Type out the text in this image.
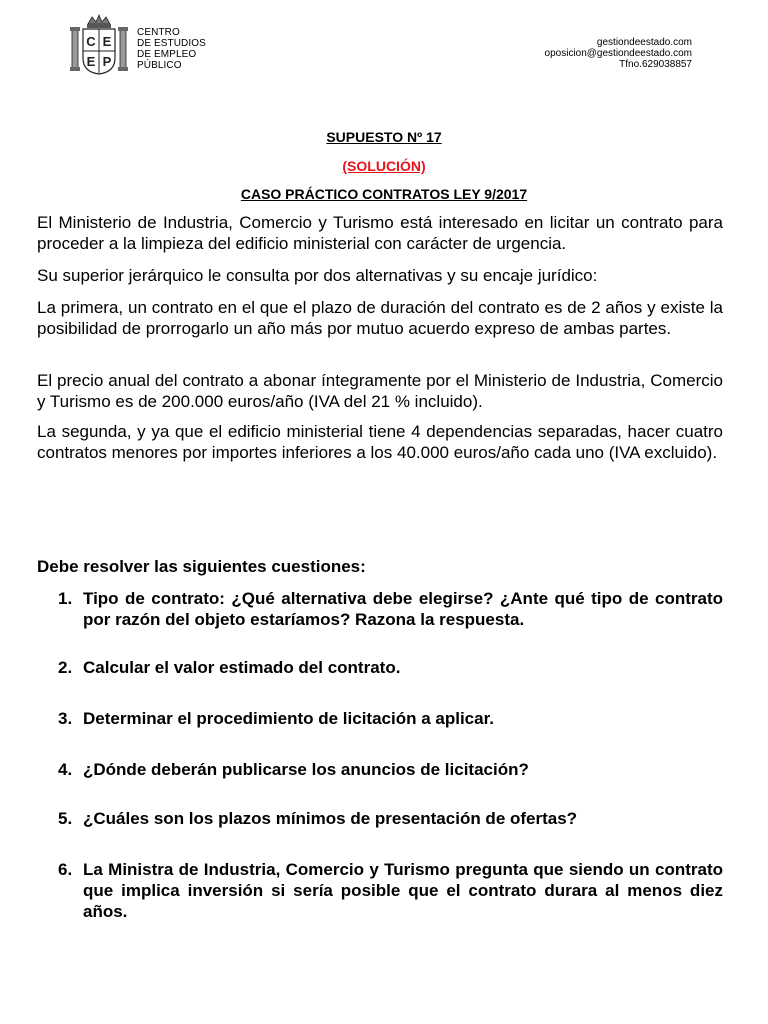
C E
E P
CENTRO
DE ESTUDIOS
DE EMPLEO
PÚBLICO
gestiondeestado.com
oposicion@gestiondeestado.com
Tfno.629038857
SUPUESTO Nº 17
(SOLUCIÓN)
CASO PRÁCTICO CONTRATOS LEY 9/2017
El Ministerio de Industria, Comercio y Turismo está interesado en licitar un contrato para proceder a la limpieza del edificio ministerial con carácter de urgencia.
Su superior jerárquico le consulta por dos alternativas y su encaje jurídico:
La primera, un contrato en el que el plazo de duración del contrato es de 2 años y existe la posibilidad de prorrogarlo un año más por mutuo acuerdo expreso de ambas partes.
El precio anual del contrato a abonar íntegramente por el Ministerio de Industria, Comercio y Turismo es de 200.000 euros/año (IVA del 21 % incluido).
La segunda, y ya que el edificio ministerial tiene 4 dependencias separadas, hacer cuatro contratos menores por importes inferiores a los 40.000 euros/año cada uno (IVA excluido).
Debe resolver las siguientes cuestiones:
1. Tipo de contrato: ¿Qué alternativa debe elegirse? ¿Ante qué tipo de contrato por razón del objeto estaríamos? Razona la respuesta.
2. Calcular el valor estimado del contrato.
3. Determinar el procedimiento de licitación a aplicar.
4. ¿Dónde deberán publicarse los anuncios de licitación?
5. ¿Cuáles son los plazos mínimos de presentación de ofertas?
6. La Ministra de Industria, Comercio y Turismo pregunta que siendo un contrato que implica inversión si sería posible que el contrato durara al menos diez años.
